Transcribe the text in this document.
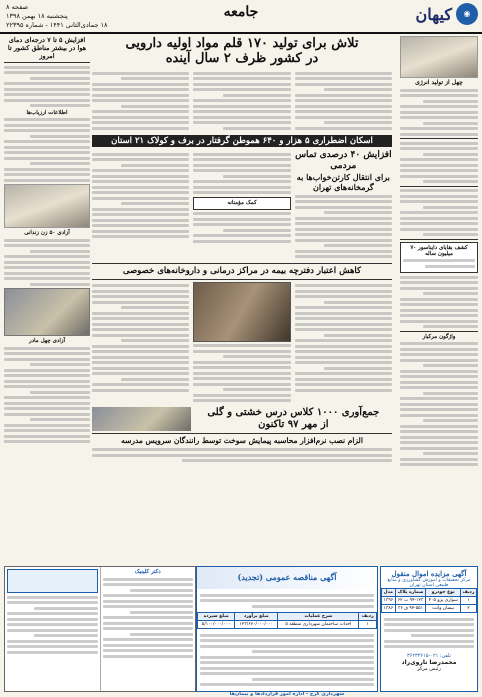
◉
کیهان
جامعه
صفحه ۸
پنجشنبه ۱۸ بهمن ۱۳۹۸
۱۸ جمادی‌الثانی ۱۴۴۱ - شماره ۲۲۳۹۵
چهل از تولید انرژی
کشف بقایای دایناسور ۷۰ میلیون ساله
واژگون مرکبار
تلاش برای تولید ۱۷۰ قلم مواد اولیه دارویی
در کشور ظرف ۲ سال آینده
اسکان اضطراری ۵ هزار و ۶۴۰ هموطن گرفتار در برف و کولاک ۲۱ استان
افزایش ۴۰ درصدی تماس مردمی
برای انتقال کارتن‌خواب‌ها به گرمخانه‌های تهران
کمک مؤمنانه
کاهش اعتبار دفترچه بیمه در مراکز درمانی و داروخانه‌های خصوصی
جمع‌آوری ۱۰۰۰ کلاس درس خشتی و گلی
از مهر ۹۷ تاکنون
الزام نصب نرم‌افزار محاسبه پیمایش سوخت توسط رانندگان سرویس مدرسه
افزایش ۵ تا ۷ درجه‌ای دمای هوا در بیشتر مناطق کشور تا امروز
اطلاعات ارزیاب‌ها
آزادی ۵۰ زن زندانی
آزادی چهل مادر
آگهی مزایده اموال منقول
مرکز تحقیقات و آموزش کشاورزی و منابع طبیعی استان تهران
ردیف	نوع خودرو	شماره پلاک	مدل
۱	سواری پژو ۴۰۵	۹۴-۱۲۳ ب ۶۲	۱۳۹۶
۲	نیسان وانت	۹۴-۵۵۱ ق ۳۶	۱۳۸۶
تلفن: ۰۲۱-۳۶۲۳۳۶۱۵
محمدرضا ناروی‌راد
رئیس مرکز
آگهی مناقصه عمومی (تجدید)
ردیف	شرح عملیات	مبلغ برآورد	مبلغ سپرده
۱	احداث ساختمان شهرداری منطقه ۵	۱۲۳/۶۷۰/۰۰۰/۰۰۰	۵/۱۰۰/۰۰۰/۰۰۰
شهرداری کرج - اداره امور قراردادها و پیمان‌ها
دکتر کلینیک
